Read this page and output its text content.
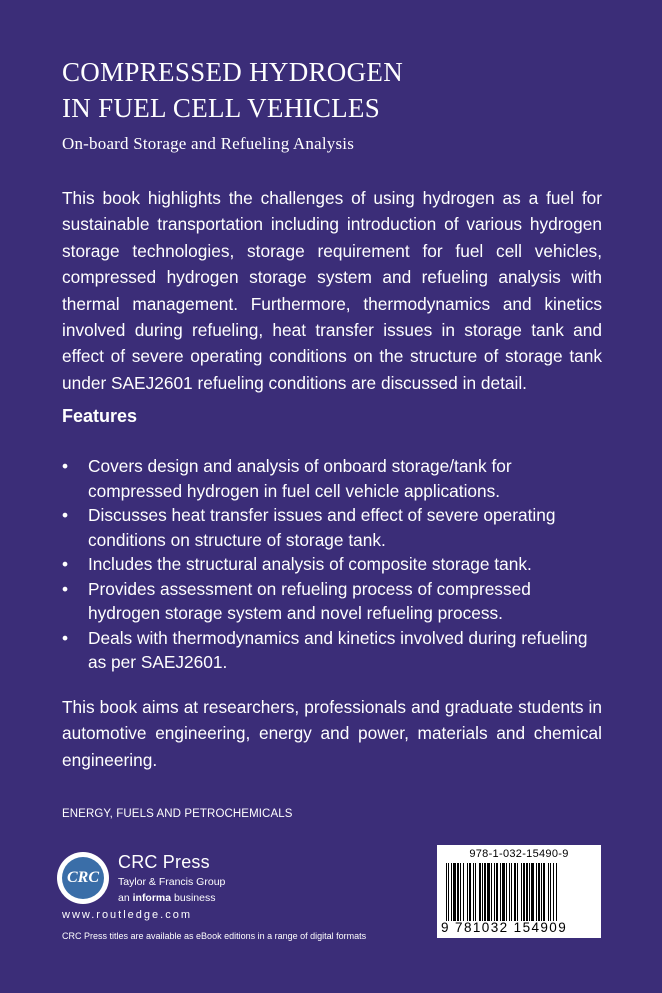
COMPRESSED HYDROGEN
IN FUEL CELL VEHICLES
On-board Storage and Refueling Analysis

This book highlights the challenges of using hydrogen as a fuel for sustainable transportation including introduction of various hydrogen storage technologies, storage requirement for fuel cell vehicles, compressed hydrogen storage system and refueling analysis with thermal management. Furthermore, thermodynamics and kinetics involved during refueling, heat transfer issues in storage tank and effect of severe operating conditions on the structure of storage tank under SAEJ2601 refueling conditions are discussed in detail.

Features
• Covers design and analysis of onboard storage/tank for compressed hydrogen in fuel cell vehicle applications.
• Discusses heat transfer issues and effect of severe operating conditions on structure of storage tank.
• Includes the structural analysis of composite storage tank.
• Provides assessment on refueling process of compressed hydrogen storage system and novel refueling process.
• Deals with thermodynamics and kinetics involved during refueling as per SAEJ2601.

This book aims at researchers, professionals and graduate students in automotive engineering, energy and power, materials and chemical engineering.

ENERGY, FUELS AND PETROCHEMICALS
CRC
CRC Press
Taylor & Francis Group
an informa business
www.routledge.com
CRC Press titles are available as eBook editions in a range of digital formats
978-1-032-15490-9
9 781032 154909
